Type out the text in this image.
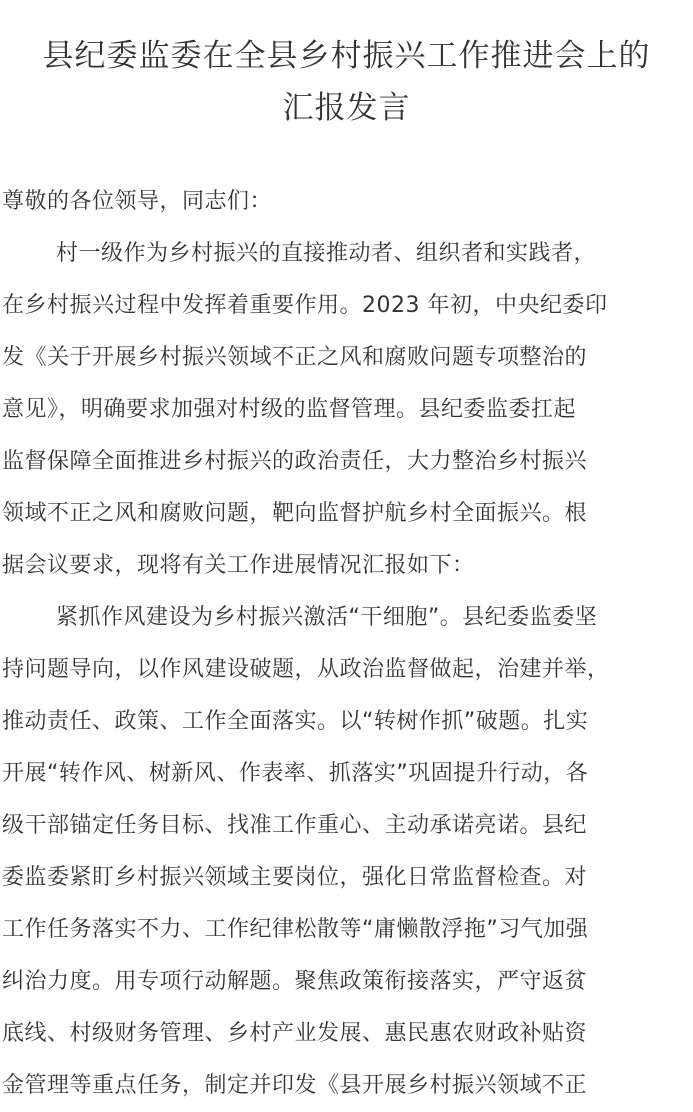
县纪委监委在全县乡村振兴工作推进会上的
汇报发言
尊敬的各位领导，同志们：
村一级作为乡村振兴的直接推动者、组织者和实践者，
在乡村振兴过程中发挥着重要作用。2023 年初，中央纪委印
发《关于开展乡村振兴领域不正之风和腐败问题专项整治的
意见》，明确要求加强对村级的监督管理。县纪委监委扛起
监督保障全面推进乡村振兴的政治责任，大力整治乡村振兴
领域不正之风和腐败问题，靶向监督护航乡村全面振兴。根
据会议要求，现将有关工作进展情况汇报如下：
紧抓作风建设为乡村振兴激活“干细胞”。县纪委监委坚
持问题导向，以作风建设破题，从政治监督做起，治建并举，
推动责任、政策、工作全面落实。以“转树作抓”破题。扎实
开展“转作风、树新风、作表率、抓落实”巩固提升行动，各
级干部锚定任务目标、找准工作重心、主动承诺亮诺。县纪
委监委紧盯乡村振兴领域主要岗位，强化日常监督检查。对
工作任务落实不力、工作纪律松散等“庸懒散浮拖”习气加强
纠治力度。用专项行动解题。聚焦政策衔接落实，严守返贫
底线、村级财务管理、乡村产业发展、惠民惠农财政补贴资
金管理等重点任务，制定并印发《县开展乡村振兴领域不正
